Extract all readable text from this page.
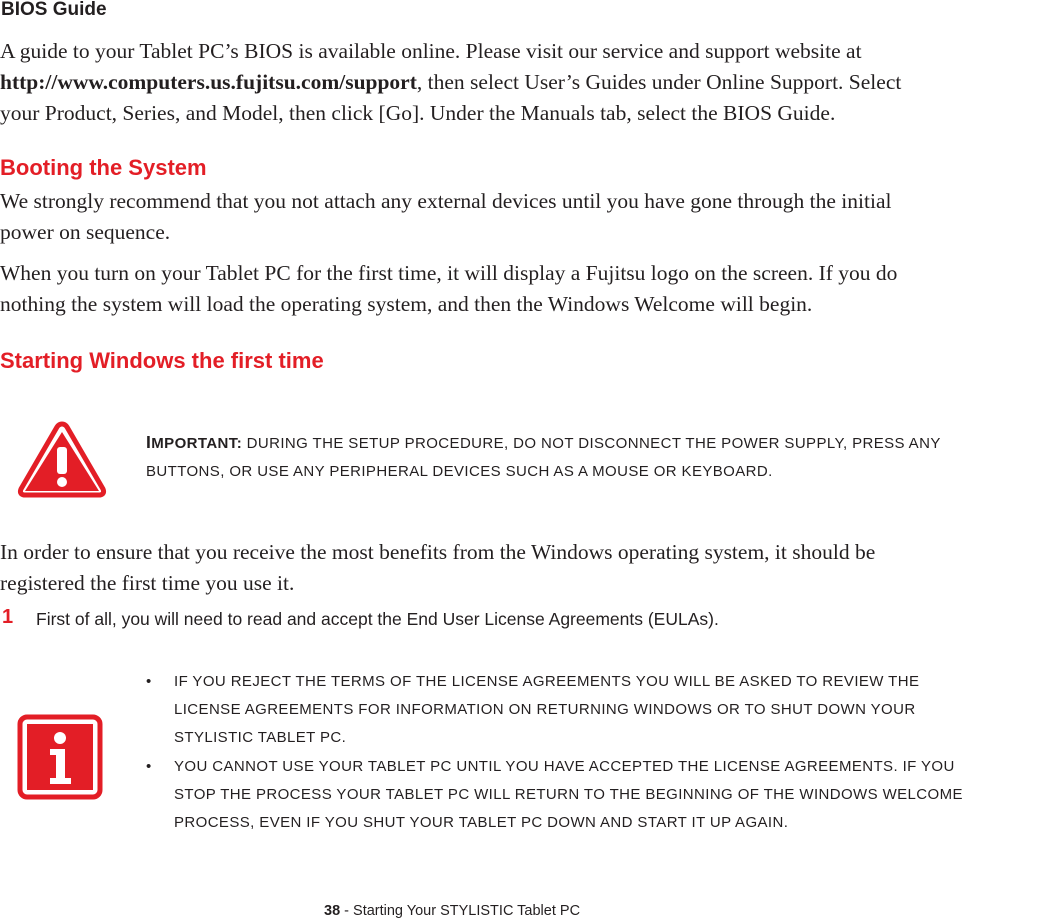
BIOS Guide

A guide to your Tablet PC’s BIOS is available online. Please visit our service and support website at

http://www.computers.us.fujitsu.com/support, then select User’s Guides under Online Support. Select

your Product, Series, and Model, then click [Go]. Under the Manuals tab, select the BIOS Guide.

Booting the System

We strongly recommend that you not attach any external devices until you have gone through the initial

power on sequence.

When you turn on your Tablet PC for the first time, it will display a Fujitsu logo on the screen. If you do

nothing the system will load the operating system, and then the Windows Welcome will begin.

Starting Windows the first time
IMPORTANT: DURING THE SETUP PROCEDURE, DO NOT DISCONNECT THE POWER SUPPLY, PRESS ANY
BUTTONS, OR USE ANY PERIPHERAL DEVICES SUCH AS A MOUSE OR KEYBOARD.

In order to ensure that you receive the most benefits from the Windows operating system, it should be

registered the first time you use it.

1 First of all, you will need to read and accept the End User License Agreements (EULAs).
• IF YOU REJECT THE TERMS OF THE LICENSE AGREEMENTS YOU WILL BE ASKED TO REVIEW THE
LICENSE AGREEMENTS FOR INFORMATION ON RETURNING WINDOWS OR TO SHUT DOWN YOUR
STYLISTIC TABLET PC.
• YOU CANNOT USE YOUR TABLET PC UNTIL YOU HAVE ACCEPTED THE LICENSE AGREEMENTS. IF YOU
STOP THE PROCESS YOUR TABLET PC WILL RETURN TO THE BEGINNING OF THE WINDOWS WELCOME
PROCESS, EVEN IF YOU SHUT YOUR TABLET PC DOWN AND START IT UP AGAIN.
38 - Starting Your STYLISTIC Tablet PC
